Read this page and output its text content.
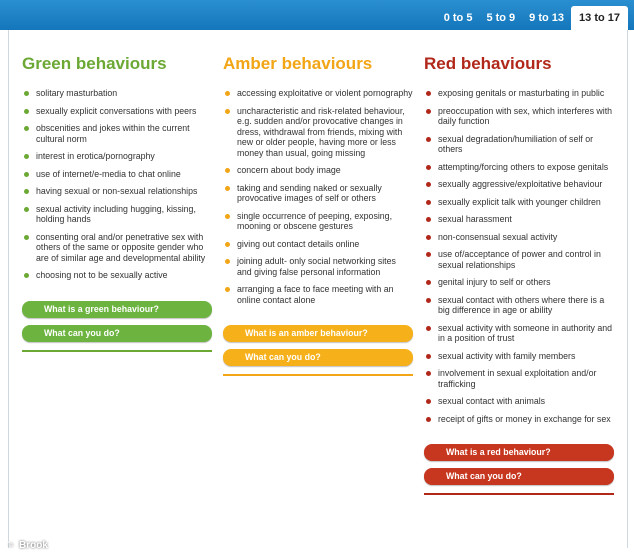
0 to 5	5 to 9	9 to 13	13 to 17
Green behaviours
solitary masturbation
sexually explicit conversations with peers
obscenities and jokes within the current cultural norm
interest in erotica/pornography
use of internet/e-media to chat online
having sexual or non-sexual relationships
sexual activity including hugging, kissing, holding hands
consenting oral and/or penetrative sex with others of the same or opposite gender who are of similar age and developmental ability
choosing not to be sexually active
What is a green behaviour?
What can you do?
Amber behaviours
accessing exploitative or violent pornography
uncharacteristic and risk-related behaviour, e.g. sudden and/or provocative changes in dress, withdrawal from friends, mixing with new or older people, having more or less money than usual, going missing
concern about body image
taking and sending naked or sexually provocative images of self or others
single occurrence of peeping, exposing, mooning or obscene gestures
giving out contact details online
joining adult- only social networking sites and giving false personal information
arranging a face to face meeting with an online contact alone
What is an amber behaviour?
What can you do?
Red behaviours
exposing genitals or masturbating in public
preoccupation with sex, which interferes with daily function
sexual degradation/humiliation of self or others
attempting/forcing others to expose genitals
sexually aggressive/exploitative behaviour
sexually explicit talk with younger children
sexual harassment
non-consensual sexual activity
use of/acceptance of power and control in sexual relationships
genital injury to self or others
sexual contact with others where there is a big difference in age or ability
sexual activity with someone in authority and in a position of trust
sexual activity with family members
involvement in sexual exploitation and/or trafficking
sexual contact with animals
receipt of gifts or money in exchange for sex
What is a red behaviour?
What can you do?
© Brook
